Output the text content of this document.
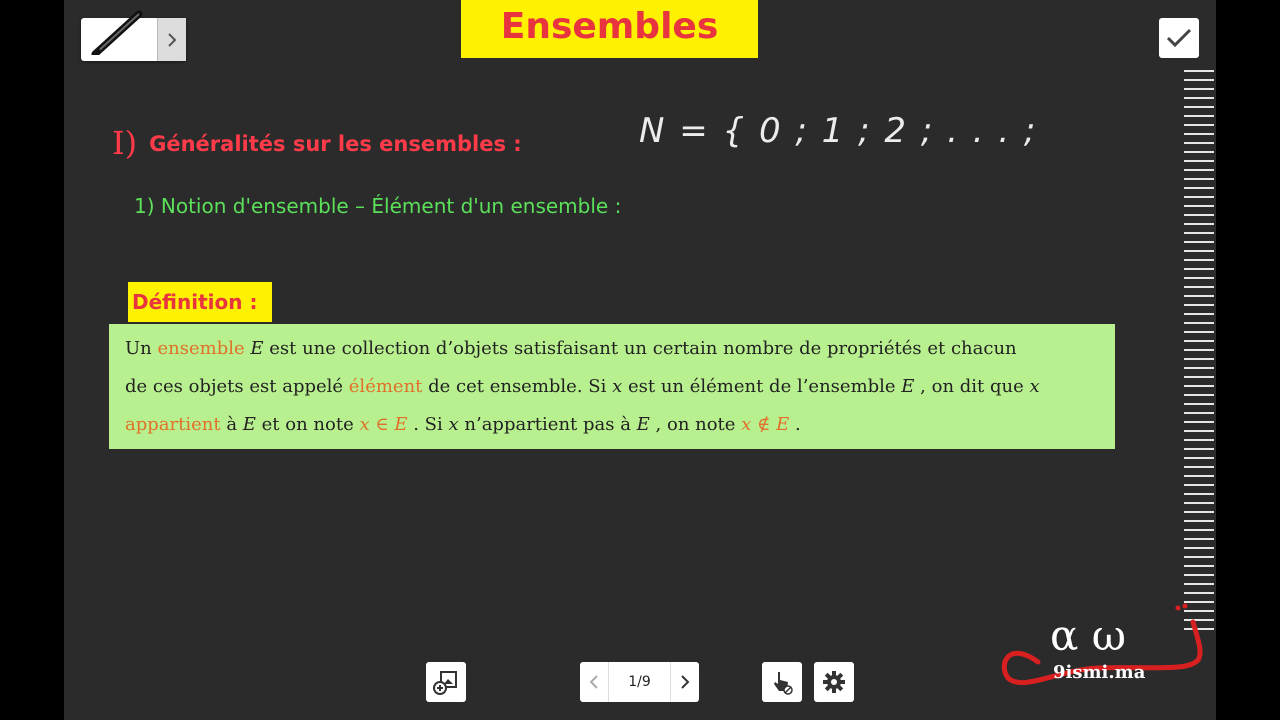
Ensembles
I) Généralités sur les ensembles :
1) Notion d'ensemble – Élément d'un ensemble :
N = { 0 ; 1 ; 2 ; . . . ;
Définition :
Un ensemble E est une collection d’objets satisfaisant un certain nombre de propriétés et chacun
de ces objets est appelé élément de cet ensemble. Si x est un élément de l’ensemble E , on dit que x
appartient à E et on note x ∈ E . Si x n’appartient pas à E , on note x ∉ E .
1/9
α ω
9ismi.ma
